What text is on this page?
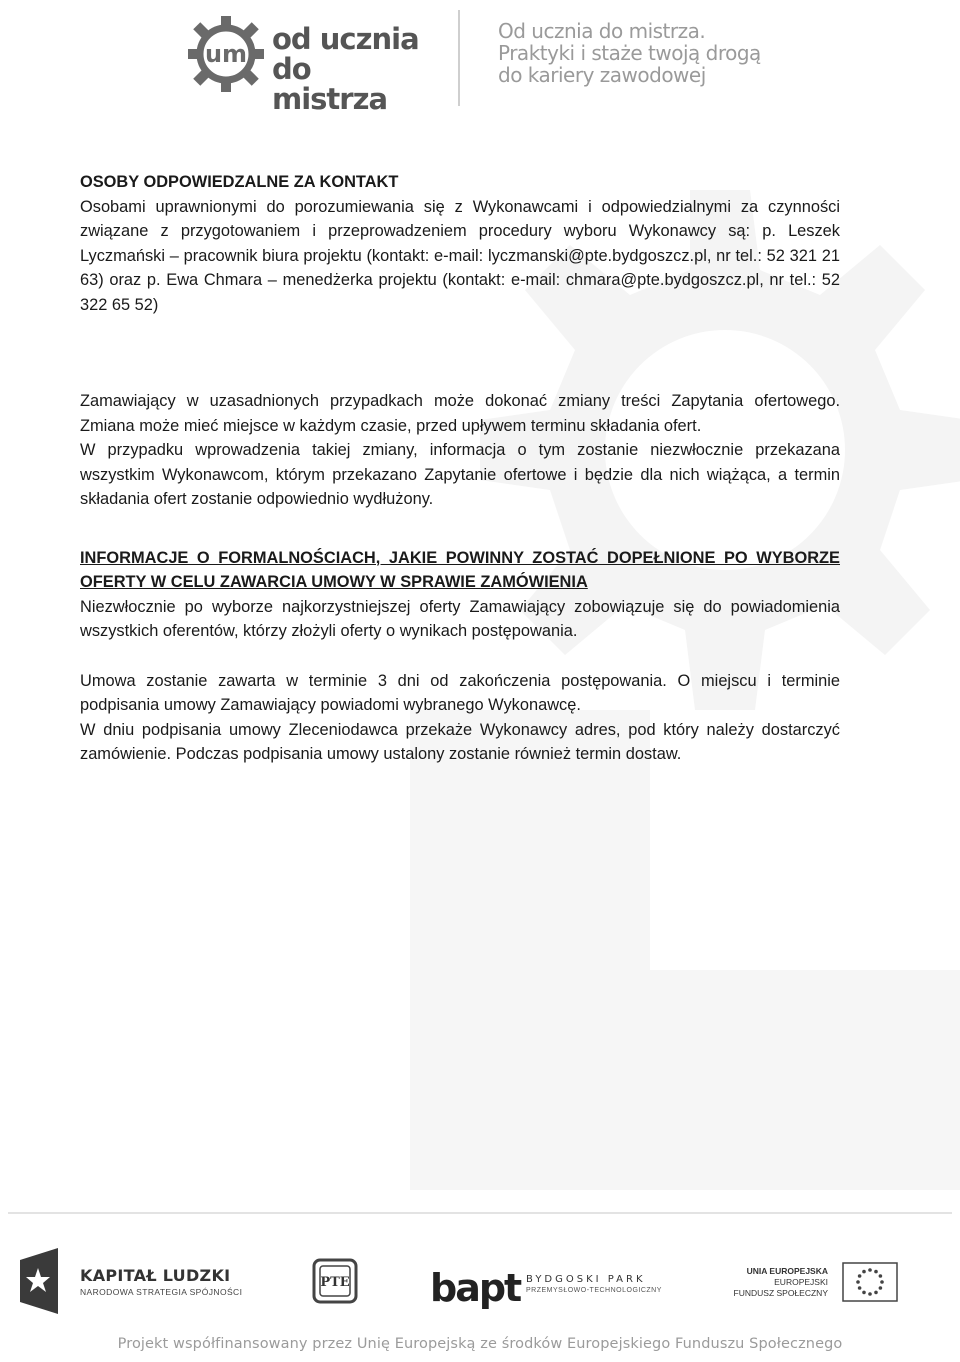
um od ucznia
do mistrza
Od ucznia do mistrza.
Praktyki i staże twoją drogą
do kariery zawodowej

OSOBY ODPOWIEDZALNE ZA KONTAKT

Osobami uprawnionymi do porozumiewania się z Wykonawcami i odpowiedzialnymi za czynności związane z przygotowaniem i przeprowadzeniem procedury wyboru Wykonawcy są: p. Leszek Lyczmański – pracownik biura projektu (kontakt: e-mail: lyczmanski@pte.bydgoszcz.pl, nr tel.: 52 321 21 63) oraz p. Ewa Chmara – menedżerka projektu (kontakt: e-mail: chmara@pte.bydgoszcz.pl, nr tel.: 52 322 65 52)

Zamawiający w uzasadnionych przypadkach może dokonać zmiany treści Zapytania ofertowego. Zmiana może mieć miejsce w każdym czasie, przed upływem terminu składania ofert.

W przypadku wprowadzenia takiej zmiany, informacja o tym zostanie niezwłocznie przekazana wszystkim Wykonawcom, którym przekazano Zapytanie ofertowe i będzie dla nich wiążąca, a termin składania ofert zostanie odpowiednio wydłużony.

INFORMACJE O FORMALNOŚCIACH, JAKIE POWINNY ZOSTAĆ DOPEŁNIONE PO WYBORZE OFERTY W CELU ZAWARCIA UMOWY W SPRAWIE ZAMÓWIENIA

Niezwłocznie po wyborze najkorzystniejszej oferty Zamawiający zobowiązuje się do powiadomienia wszystkich oferentów, którzy złożyli oferty o wynikach postępowania.

Umowa zostanie zawarta w terminie 3 dni od zakończenia postępowania. O miejscu i terminie podpisania umowy Zamawiający powiadomi wybranego Wykonawcę.

W dniu podpisania umowy Zleceniodawca przekaże Wykonawcy adres, pod który należy dostarczyć zamówienie. Podczas podpisania umowy ustalony zostanie również termin dostaw.

KAPITAŁ LUDZKI
NARODOWA STRATEGIA SPÓJNOŚCI
PTE bapt BYDGOSKI PARK
PRZEMYSŁOWO-TECHNOLOGICZNY
UNIA EUROPEJSKA
EUROPEJSKI
FUNDUSZ SPOŁECZNY
Projekt współfinansowany przez Unię Europejską ze środków Europejskiego Funduszu Społecznego
